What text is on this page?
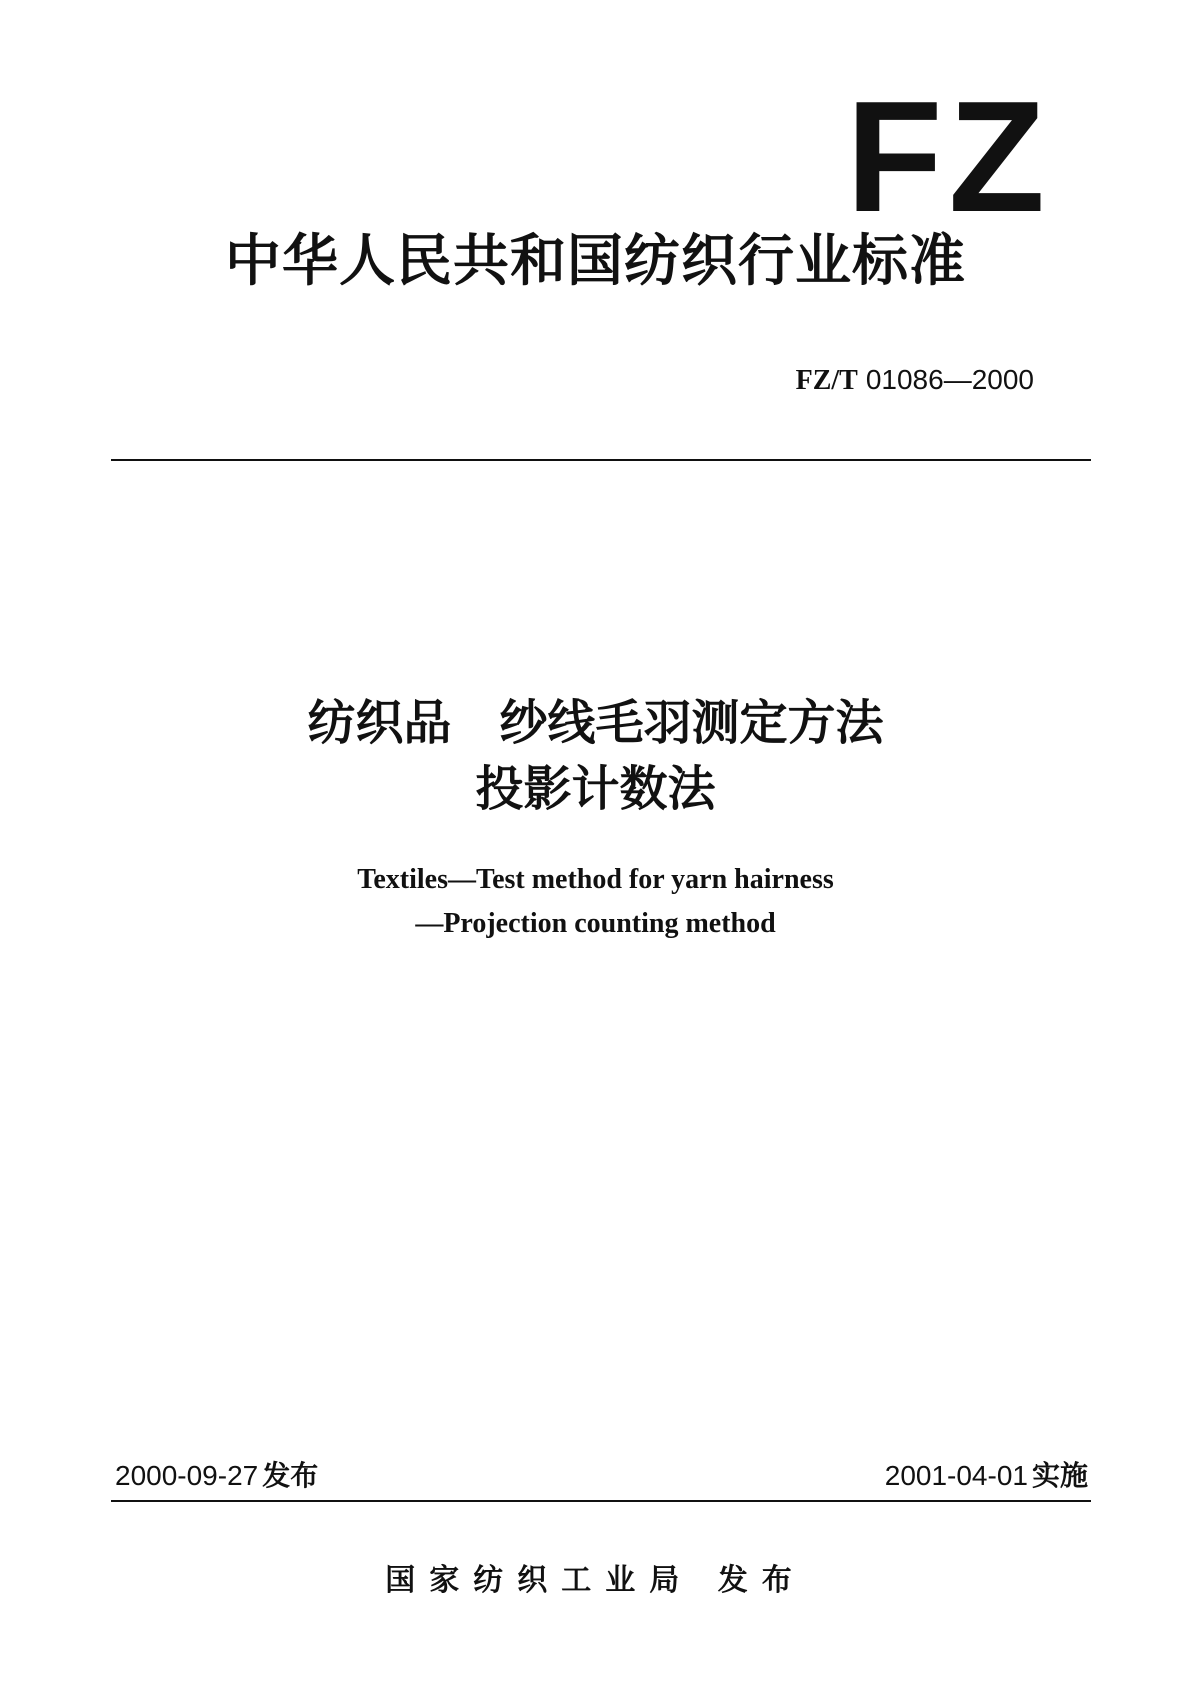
FZ
中华人民共和国纺织行业标准
FZ/T 01086—2000
纺织品　纱线毛羽测定方法
投影计数法
Textiles—Test method for yarn hairness
—Projection counting method
2000-09-27 发布	2001-04-01 实施
国家纺织工业局 发布
